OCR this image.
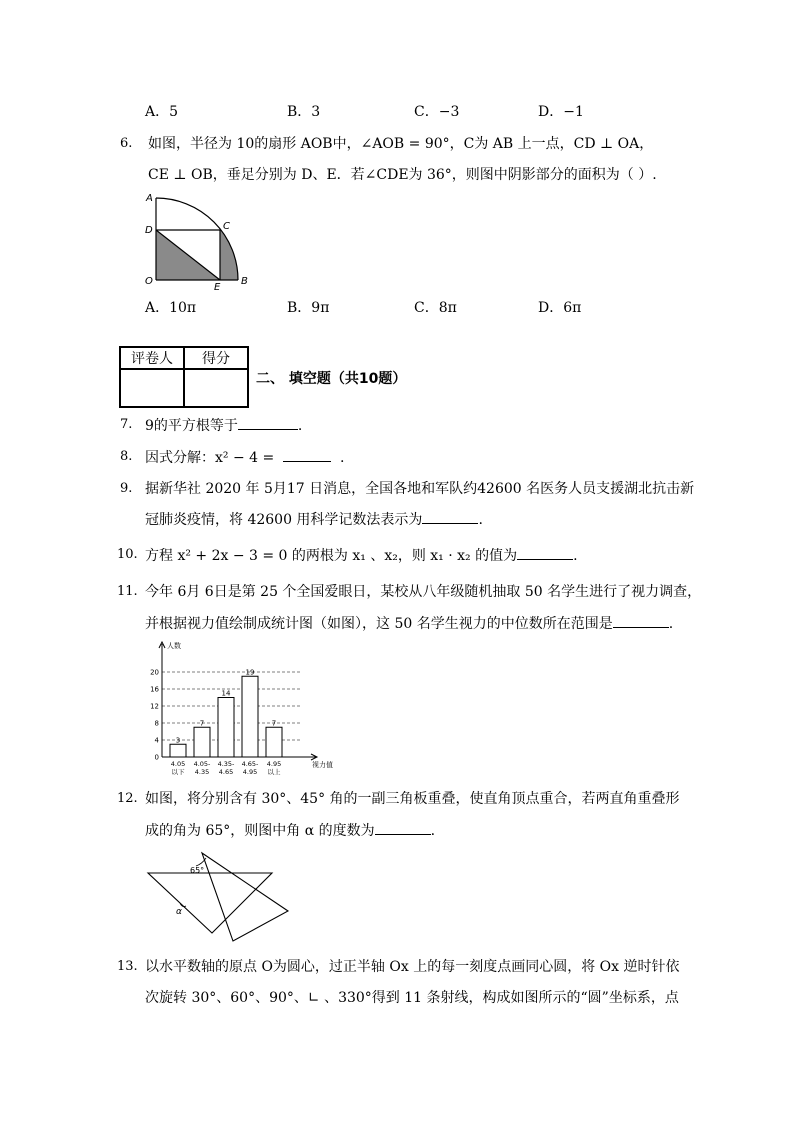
A．5	B．3	C．−3	D．−1
6. 如图，半径为 10的扇形 AOB中，∠AOB = 90°，C为 AB 上一点，CD ⊥ OA，
CE ⊥ OB，垂足分别为 D、E．若∠CDE为 36°，则图中阴影部分的面积为（ ）.
A
D	C
O
E
B
A．10π	B．9π	C．8π	D．6π
评卷人	得分

二、 填空题（共10题）
7. 9的平方根等于	.
8. 因式分解：x² − 4 =	.
9. 据新华社 2020 年 5月17 日消息，全国各地和军队约42600 名医务人员支援湖北抗击新
冠肺炎疫情，将 42600 用科学记数法表示为	.
10. 方程 x² + 2x − 3 = 0 的两根为 x₁ 、x₂，则 x₁ · x₂ 的值为	.
11. 今年 6月 6日是第 25 个全国爱眼日，某校从八年级随机抽取 50 名学生进行了视力调查，
并根据视力值绘制成统计图（如图），这 50 名学生视力的中位数所在范围是	.
人数
视力值
0
4
8
12
16
20
3
4.05
以下
7
4.05-
4.35
14
4.35-
4.65
19
4.65-
4.95
7
4.95
以上
12. 如图，将分别含有 30°、45° 角的一副三角板重叠，使直角顶点重合，若两直角重叠形
成的角为 65°，则图中角 α 的度数为	.
65°
α
13. 以水平数轴的原点 O为圆心，过正半轴 Ox 上的每一刻度点画同心圆，将 Ox 逆时针依
次旋转 30°、60°、90°、∟ 、330°得到 11 条射线，构成如图所示的“圆”坐标系，点
